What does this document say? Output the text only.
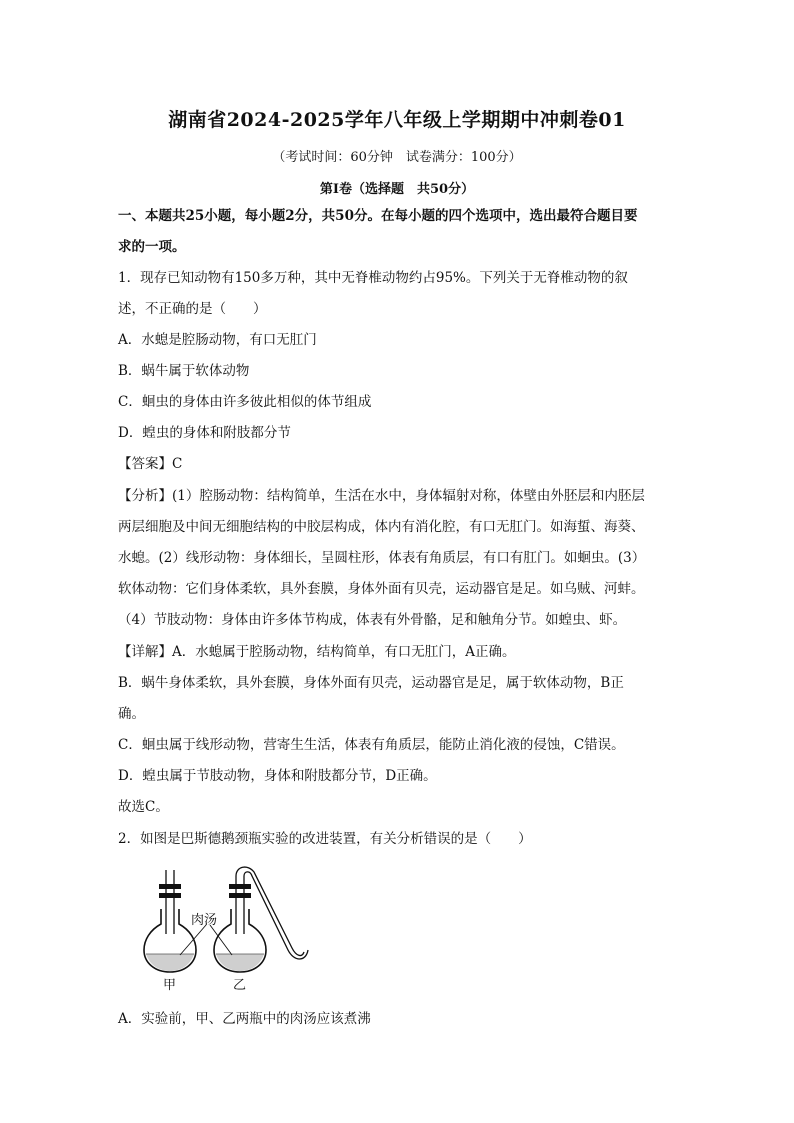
湖南省2024-2025学年八年级上学期期中冲刺卷01
（考试时间：60分钟　试卷满分：100分）
第Ⅰ卷（选择题　共50分）
一、本题共25小题，每小题2分，共50分。在每小题的四个选项中，选出最符合题目要
求的一项。
1．现存已知动物有150多万种，其中无脊椎动物约占95%。下列关于无脊椎动物的叙
述，不正确的是（　　）
A．水螅是腔肠动物，有口无肛门
B．蜗牛属于软体动物
C．蛔虫的身体由许多彼此相似的体节组成
D．蝗虫的身体和附肢都分节
【答案】C
【分析】(1）腔肠动物：结构简单，生活在水中，身体辐射对称，体壁由外胚层和内胚层
两层细胞及中间无细胞结构的中胶层构成，体内有消化腔，有口无肛门。如海蜇、海葵、
水螅。(2）线形动物：身体细长，呈圆柱形，体表有角质层，有口有肛门。如蛔虫。(3）
软体动物：它们身体柔软，具外套膜，身体外面有贝壳，运动器官是足。如乌贼、河蚌。
（4）节肢动物：身体由许多体节构成，体表有外骨骼，足和触角分节。如蝗虫、虾。
【详解】A．水螅属于腔肠动物，结构简单，有口无肛门，A正确。
B．蜗牛身体柔软，具外套膜，身体外面有贝壳，运动器官是足，属于软体动物，B正
确。
C．蛔虫属于线形动物，营寄生生活，体表有角质层，能防止消化液的侵蚀，C错误。
D．蝗虫属于节肢动物，身体和附肢都分节，D正确。
故选C。
2．如图是巴斯德鹅颈瓶实验的改进装置，有关分析错误的是（　　）
肉汤
甲	乙
A．实验前，甲、乙两瓶中的肉汤应该煮沸
